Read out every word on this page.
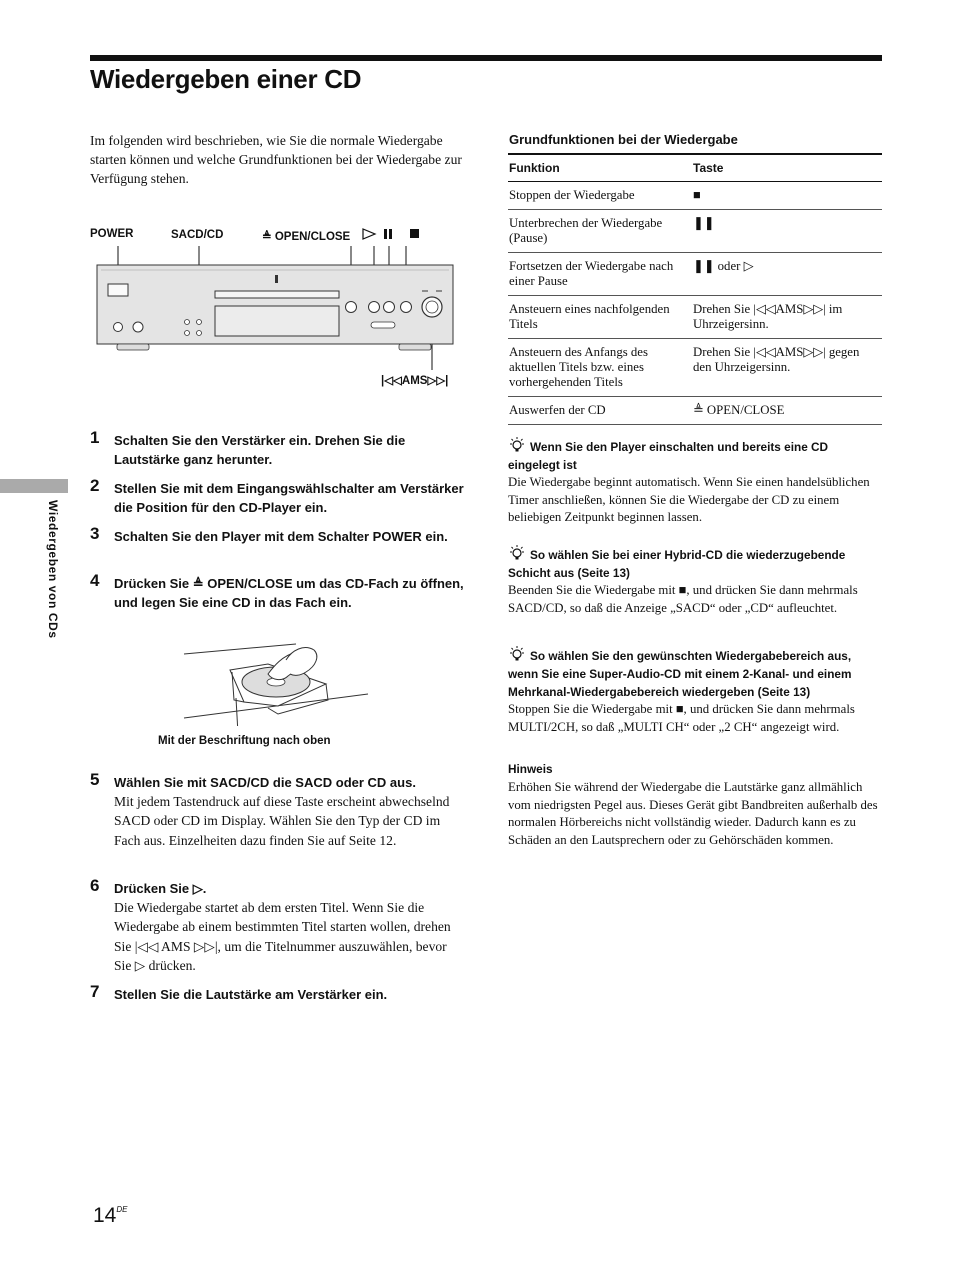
Wiedergeben einer CD
Im folgenden wird beschrieben, wie Sie die normale Wiedergabe starten können und welche Grundfunktionen bei der Wiedergabe zur Verfügung stehen.
Wiedergeben von CDs
POWER	SACD/CD	≜ OPEN/CLOSE
|◁◁AMS▷▷|
1 Schalten Sie den Verstärker ein. Drehen Sie die Lautstärke ganz herunter.
2 Stellen Sie mit dem Eingangswählschalter am Verstärker die Position für den CD-Player ein.
3 Schalten Sie den Player mit dem Schalter POWER ein.
4 Drücken Sie ≜ OPEN/CLOSE um das CD-Fach zu öffnen, und legen Sie eine CD in das Fach ein.
Mit der Beschriftung nach oben
5 Wählen Sie mit SACD/CD die SACD oder CD aus.
Mit jedem Tastendruck auf diese Taste erscheint abwechselnd SACD oder CD im Display. Wählen Sie den Typ der CD im Fach aus. Einzelheiten dazu finden Sie auf Seite 12.
6 Drücken Sie ▷.
Die Wiedergabe startet ab dem ersten Titel. Wenn Sie die Wiedergabe ab einem bestimmten Titel starten wollen, drehen Sie |◁◁ AMS ▷▷|, um die Titelnummer auszuwählen, bevor Sie ▷ drücken.
7 Stellen Sie die Lautstärke am Verstärker ein.
Grundfunktionen bei der Wiedergabe
Funktion	Taste
Stoppen der Wiedergabe	■
Unterbrechen der Wiedergabe (Pause)	❚❚
Fortsetzen der Wiedergabe nach einer Pause	❚❚ oder ▷
Ansteuern eines nachfolgenden Titels	Drehen Sie |◁◁AMS▷▷| im Uhrzeigersinn.
Ansteuern des Anfangs des aktuellen Titels bzw. eines vorhergehenden Titels	Drehen Sie |◁◁AMS▷▷| gegen den Uhrzeigersinn.
Auswerfen der CD	≜ OPEN/CLOSE
Wenn Sie den Player einschalten und bereits eine CD eingelegt ist
Die Wiedergabe beginnt automatisch. Wenn Sie einen handelsüblichen Timer anschließen, können Sie die Wiedergabe der CD zu einem beliebigen Zeitpunkt beginnen lassen.
So wählen Sie bei einer Hybrid-CD die wiederzugebende Schicht aus (Seite 13)
Beenden Sie die Wiedergabe mit ■, und drücken Sie dann mehrmals SACD/CD, so daß die Anzeige „SACD“ oder „CD“ aufleuchtet.
So wählen Sie den gewünschten Wiedergabebereich aus, wenn Sie eine Super-Audio-CD mit einem 2-Kanal- und einem Mehrkanal-Wiedergabebereich wiedergeben (Seite 13)
Stoppen Sie die Wiedergabe mit ■, und drücken Sie dann mehrmals MULTI/2CH, so daß „MULTI CH“ oder „2 CH“ angezeigt wird.
Hinweis
Erhöhen Sie während der Wiedergabe die Lautstärke ganz allmählich vom niedrigsten Pegel aus. Dieses Gerät gibt Bandbreiten außerhalb des normalen Hörbereichs nicht vollständig wieder. Dadurch kann es zu Schäden an den Lautsprechern oder zu Gehörschäden kommen.
14DE
